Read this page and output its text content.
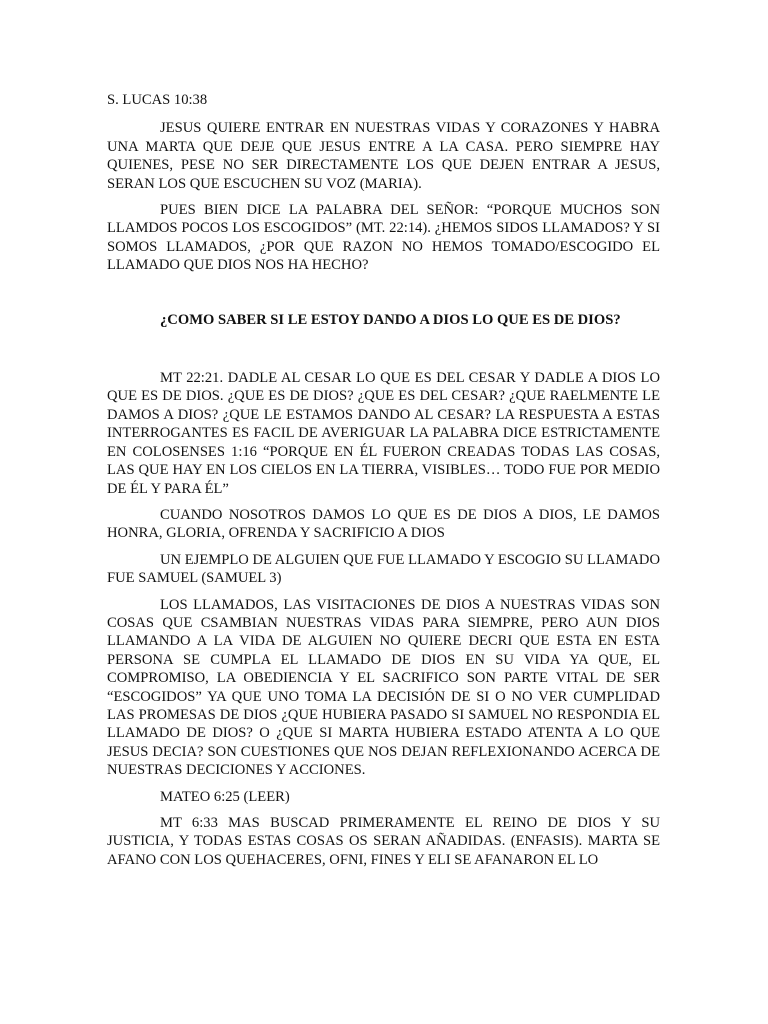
S. LUCAS 10:38

JESUS QUIERE ENTRAR EN NUESTRAS VIDAS Y CORAZONES Y HABRA UNA MARTA QUE DEJE QUE JESUS ENTRE A LA CASA. PERO SIEMPRE HAY QUIENES, PESE NO SER DIRECTAMENTE LOS QUE DEJEN ENTRAR A JESUS, SERAN LOS QUE ESCUCHEN SU VOZ (MARIA).

PUES BIEN DICE LA PALABRA DEL SEÑOR: “PORQUE MUCHOS SON LLAMDOS POCOS LOS ESCOGIDOS” (MT. 22:14). ¿HEMOS SIDOS LLAMADOS? Y SI SOMOS LLAMADOS, ¿POR QUE RAZON NO HEMOS TOMADO/ESCOGIDO EL LLAMADO QUE DIOS NOS HA HECHO?

¿COMO SABER SI LE ESTOY DANDO A DIOS LO QUE ES DE DIOS?

MT 22:21. DADLE AL CESAR LO QUE ES DEL CESAR Y DADLE A DIOS LO QUE ES DE DIOS. ¿QUE ES DE DIOS? ¿QUE ES DEL CESAR? ¿QUE RAELMENTE LE DAMOS A DIOS? ¿QUE LE ESTAMOS DANDO AL CESAR? LA RESPUESTA A ESTAS INTERROGANTES ES FACIL DE AVERIGUAR LA PALABRA DICE ESTRICTAMENTE EN COLOSENSES 1:16 “PORQUE EN ÉL FUERON CREADAS TODAS LAS COSAS, LAS QUE HAY EN LOS CIELOS EN LA TIERRA, VISIBLES… TODO FUE POR MEDIO DE ÉL Y PARA ÉL”

CUANDO NOSOTROS DAMOS LO QUE ES DE DIOS A DIOS, LE DAMOS HONRA, GLORIA, OFRENDA Y SACRIFICIO A DIOS

UN EJEMPLO DE ALGUIEN QUE FUE LLAMADO Y ESCOGIO SU LLAMADO FUE SAMUEL (SAMUEL 3)

LOS LLAMADOS, LAS VISITACIONES DE DIOS A NUESTRAS VIDAS SON COSAS QUE CSAMBIAN NUESTRAS VIDAS PARA SIEMPRE, PERO AUN DIOS LLAMANDO A LA VIDA DE ALGUIEN NO QUIERE DECRI QUE ESTA EN ESTA PERSONA SE CUMPLA EL LLAMADO DE DIOS EN SU VIDA YA QUE, EL COMPROMISO, LA OBEDIENCIA Y EL SACRIFICO SON PARTE VITAL DE SER “ESCOGIDOS” YA QUE UNO TOMA LA DECISIÓN DE SI O NO VER CUMPLIDAD LAS PROMESAS DE DIOS ¿QUE HUBIERA PASADO SI SAMUEL NO RESPONDIA EL LLAMADO DE DIOS? O ¿QUE SI MARTA HUBIERA ESTADO ATENTA A LO QUE JESUS DECIA? SON CUESTIONES QUE NOS DEJAN REFLEXIONANDO ACERCA DE NUESTRAS DECICIONES Y ACCIONES.

MATEO 6:25 (LEER)

MT 6:33 MAS BUSCAD PRIMERAMENTE EL REINO DE DIOS Y SU JUSTICIA, Y TODAS ESTAS COSAS OS SERAN AÑADIDAS. (ENFASIS). MARTA SE AFANO CON LOS QUEHACERES, OFNI, FINES Y ELI SE AFANARON EL LO
